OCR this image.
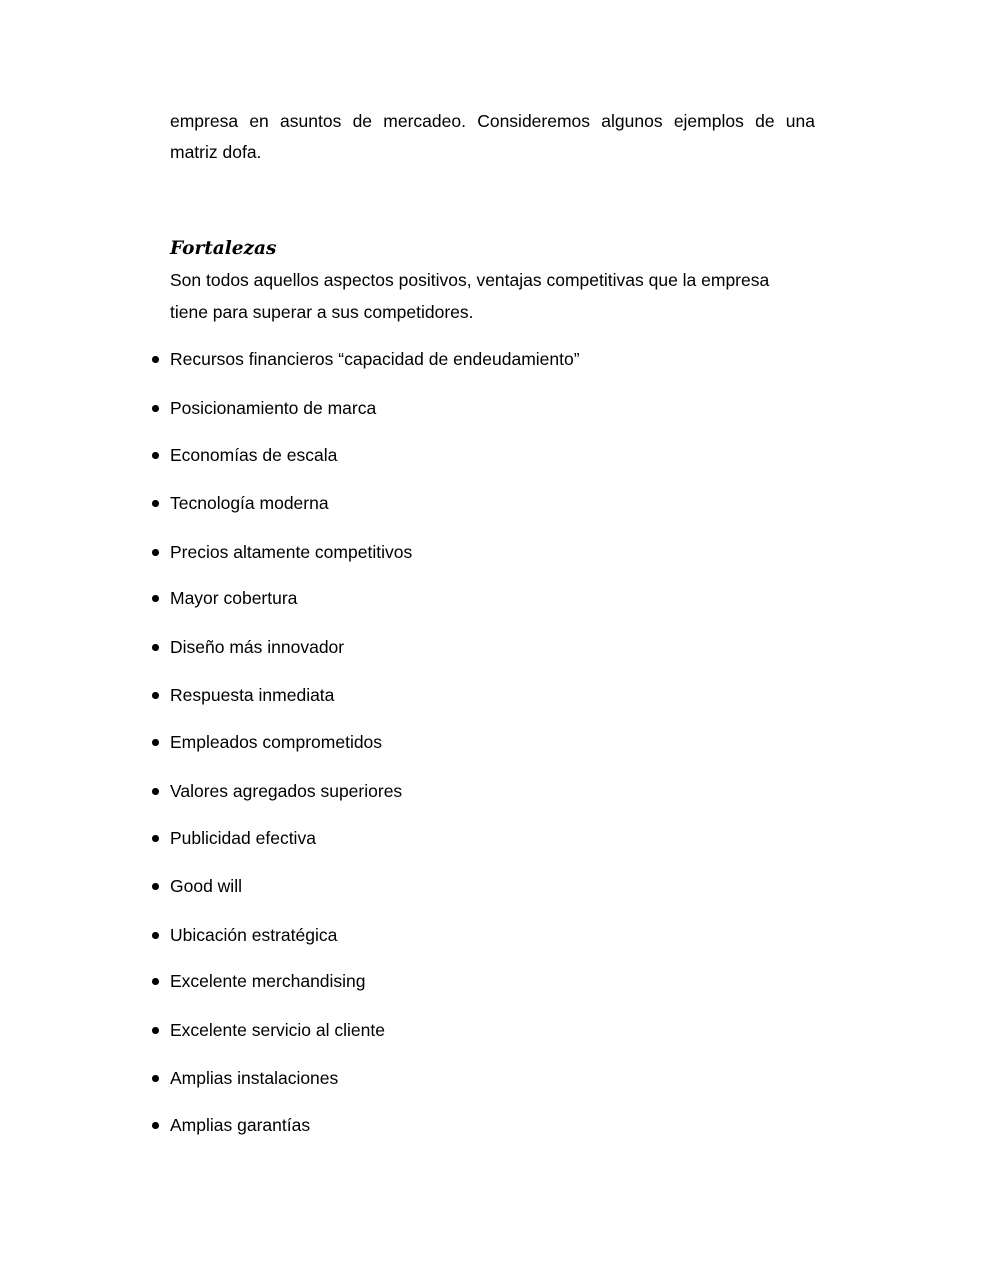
empresa en asuntos de mercadeo. Consideremos algunos ejemplos de una
matriz dofa.

Fortalezas

Son todos aquellos aspectos positivos, ventajas competitivas que la empresa
tiene para superar a sus competidores.

Recursos financieros “capacidad de endeudamiento”
Posicionamiento de marca
Economías de escala
Tecnología moderna
Precios altamente competitivos
Mayor cobertura
Diseño más innovador
Respuesta inmediata
Empleados comprometidos
Valores agregados superiores
Publicidad efectiva
Good will
Ubicación estratégica
Excelente merchandising
Excelente servicio al cliente
Amplias instalaciones
Amplias garantías
